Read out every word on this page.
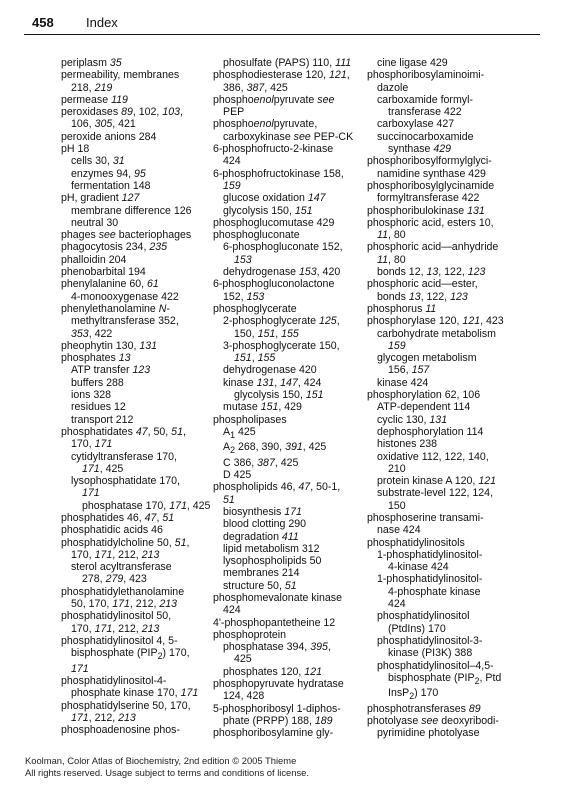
458 Index
periplasm 35
permeability, membranes
218, 219
permease 119
peroxidases 89, 102, 103,
106, 305, 421
peroxide anions 284
pH 18
cells 30, 31
enzymes 94, 95
fermentation 148
pH, gradient 127
membrane difference 126
neutral 30
phages see bacteriophages
phagocytosis 234, 235
phalloidin 204
phenobarbital 194
phenylalanine 60, 61
4-monooxygenase 422
phenylethanolamine N-
methyltransferase 352,
353, 422
pheophytin 130, 131
phosphates 13
ATP transfer 123
buffers 288
ions 328
residues 12
transport 212
phosphatidates 47, 50, 51,
170, 171
cytidyltransferase 170,
171, 425
lysophosphatidate 170,
171
phosphatase 170, 171, 425
phosphatides 46, 47, 51
phosphatidic acids 46
phosphatidylcholine 50, 51,
170, 171, 212, 213
sterol acyltransferase
278, 279, 423
phosphatidylethanolamine
50, 170, 171, 212, 213
phosphatidylinositol 50,
170, 171, 212, 213
phosphatidylinositol 4, 5-
bisphosphate $(PIP_2)$ 170,
171
phosphatidylinositol-4-
phosphate kinase 170, 171
phosphatidylserine 50, 170,
171, 212, 213
phosphoadenosine phos-
phosulfate (PAPS) 110, 111
phosphodiesterase 120, 121,
386, 387, 425
phosphoenolpyruvate see
PEP
phosphoenolpyruvate,
carboxykinase see PEP-CK
6-phosphofructo-2-kinase
424
6-phosphofructokinase 158,
159
glucose oxidation 147
glycolysis 150, 151
phosphoglucomutase 429
phosphogluconate
6-phosphogluconate 152,
153
dehydrogenase 153, 420
6-phosphogluconolactone
152, 153
phosphoglycerate
2-phosphoglycerate 125,
150, 151, 155
3-phosphoglycerate 150,
151, 155
dehydrogenase 420
kinase 131, 147, 424
glycolysis 150, 151
mutase 151, 429
phospholipases
$A_1$ 425
$A_2$ 268, 390, 391, 425
C 386, 387, 425
D 425
phospholipids 46, 47, 50-1,
51
biosynthesis 171
blood clotting 290
degradation 411
lipid metabolism 312
lysophospholipids 50
membranes 214
structure 50, 51
phosphomevalonate kinase
424
4'-phosphopantetheine 12
phosphoprotein
phosphatase 394, 395,
425
phosphates 120, 121
phosphopyruvate hydratase
124, 428
5-phosphoribosyl 1-diphos-
phate (PRPP) 188, 189
phosphoribosylamine gly-
cine ligase 429
phosphoribosylaminoimi-
dazole
carboxamide formyl-
transferase 422
carboxylase 427
succinocarboxamide
synthase 429
phosphoribosylformylglyci-
namidine synthase 429
phosphoribosylglycinamide
formyltransferase 422
phosphoribulokinase 131
phosphoric acid, esters 10,
11, 80
phosphoric acid—anhydride
11, 80
bonds 12, 13, 122, 123
phosphoric acid—ester,
bonds 13, 122, 123
phosphorus 11
phosphorylase 120, 121, 423
carbohydrate metabolism
159
glycogen metabolism
156, 157
kinase 424
phosphorylation 62, 106
ATP-dependent 114
cyclic 130, 131
dephosphorylation 114
histones 238
oxidative 112, 122, 140,
210
protein kinase A 120, 121
substrate-level 122, 124,
150
phosphoserine transami-
nase 424
phosphatidylinositols
1-phosphatidylinositol-
4-kinase 424
1-phosphatidylinositol-
4-phosphate kinase
424
phosphatidylinositol
(PtdIns) 170
phosphatidylinositol-3-
kinase (PI3K) 388
phosphatidylinositol–4,5-
bisphosphate ($PIP_2$, Ptd
InsP$_2$) 170
phosphotransferases 89
photolyase see deoxyribodi-
pyrimidine photolyase
Koolman, Color Atlas of Biochemistry, 2nd edition © 2005 Thieme
All rights reserved. Usage subject to terms and conditions of license.
